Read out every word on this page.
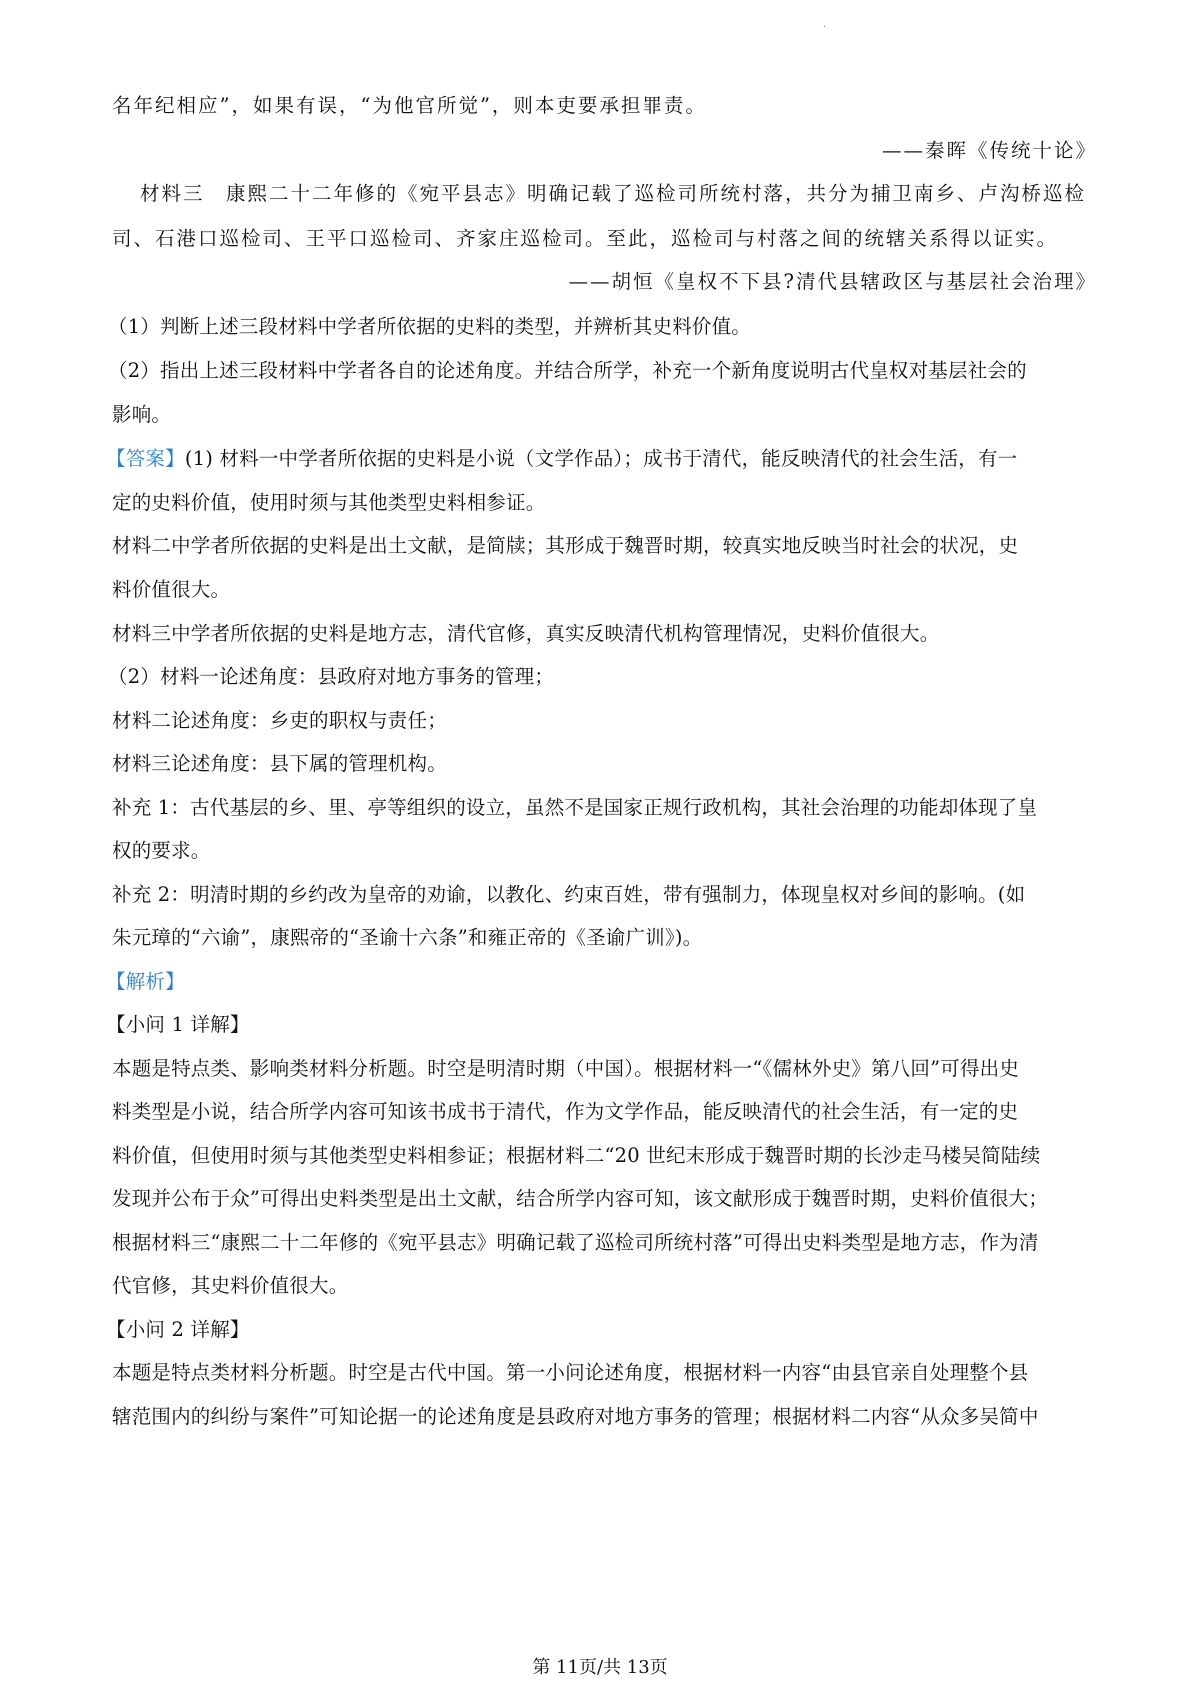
·
名年纪相应”，如果有误，“为他官所觉”，则本吏要承担罪责。
——秦晖《传统十论》
材料三　康熙二十二年修的《宛平县志》明确记载了巡检司所统村落，共分为捕卫南乡、卢沟桥巡检
司、石港口巡检司、王平口巡检司、齐家庄巡检司。至此，巡检司与村落之间的统辖关系得以证实。
——胡恒《皇权不下县?清代县辖政区与基层社会治理》
（1）判断上述三段材料中学者所依据的史料的类型，并辨析其史料价值。
（2）指出上述三段材料中学者各自的论述角度。并结合所学，补充一个新角度说明古代皇权对基层社会的
影响。
【答案】(1) 材料一中学者所依据的史料是小说（文学作品）；成书于清代，能反映清代的社会生活，有一
定的史料价值，使用时须与其他类型史料相参证。
材料二中学者所依据的史料是出土文献，是简牍；其形成于魏晋时期，较真实地反映当时社会的状况，史
料价值很大。
材料三中学者所依据的史料是地方志，清代官修，真实反映清代机构管理情况，史料价值很大。
（2）材料一论述角度：县政府对地方事务的管理；
材料二论述角度：乡吏的职权与责任；
材料三论述角度：县下属的管理机构。
补充 1：古代基层的乡、里、亭等组织的设立，虽然不是国家正规行政机构，其社会治理的功能却体现了皇
权的要求。
补充 2：明清时期的乡约改为皇帝的劝谕，以教化、约束百姓，带有强制力，体现皇权对乡间的影响。(如
朱元璋的“六谕”，康熙帝的“圣谕十六条”和雍正帝的《圣谕广训》)。
【解析】
【小问 1 详解】
本题是特点类、影响类材料分析题。时空是明清时期（中国）。根据材料一“《儒林外史》第八回”可得出史
料类型是小说，结合所学内容可知该书成书于清代，作为文学作品，能反映清代的社会生活，有一定的史
料价值，但使用时须与其他类型史料相参证；根据材料二“20 世纪末形成于魏晋时期的长沙走马楼吴简陆续
发现并公布于众”可得出史料类型是出土文献，结合所学内容可知，该文献形成于魏晋时期，史料价值很大；
根据材料三“康熙二十二年修的《宛平县志》明确记载了巡检司所统村落”可得出史料类型是地方志，作为清
代官修，其史料价值很大。
【小问 2 详解】
本题是特点类材料分析题。时空是古代中国。第一小问论述角度，根据材料一内容“由县官亲自处理整个县
辖范围内的纠纷与案件”可知论据一的论述角度是县政府对地方事务的管理；根据材料二内容“从众多吴简中
第 11页/共 13页
